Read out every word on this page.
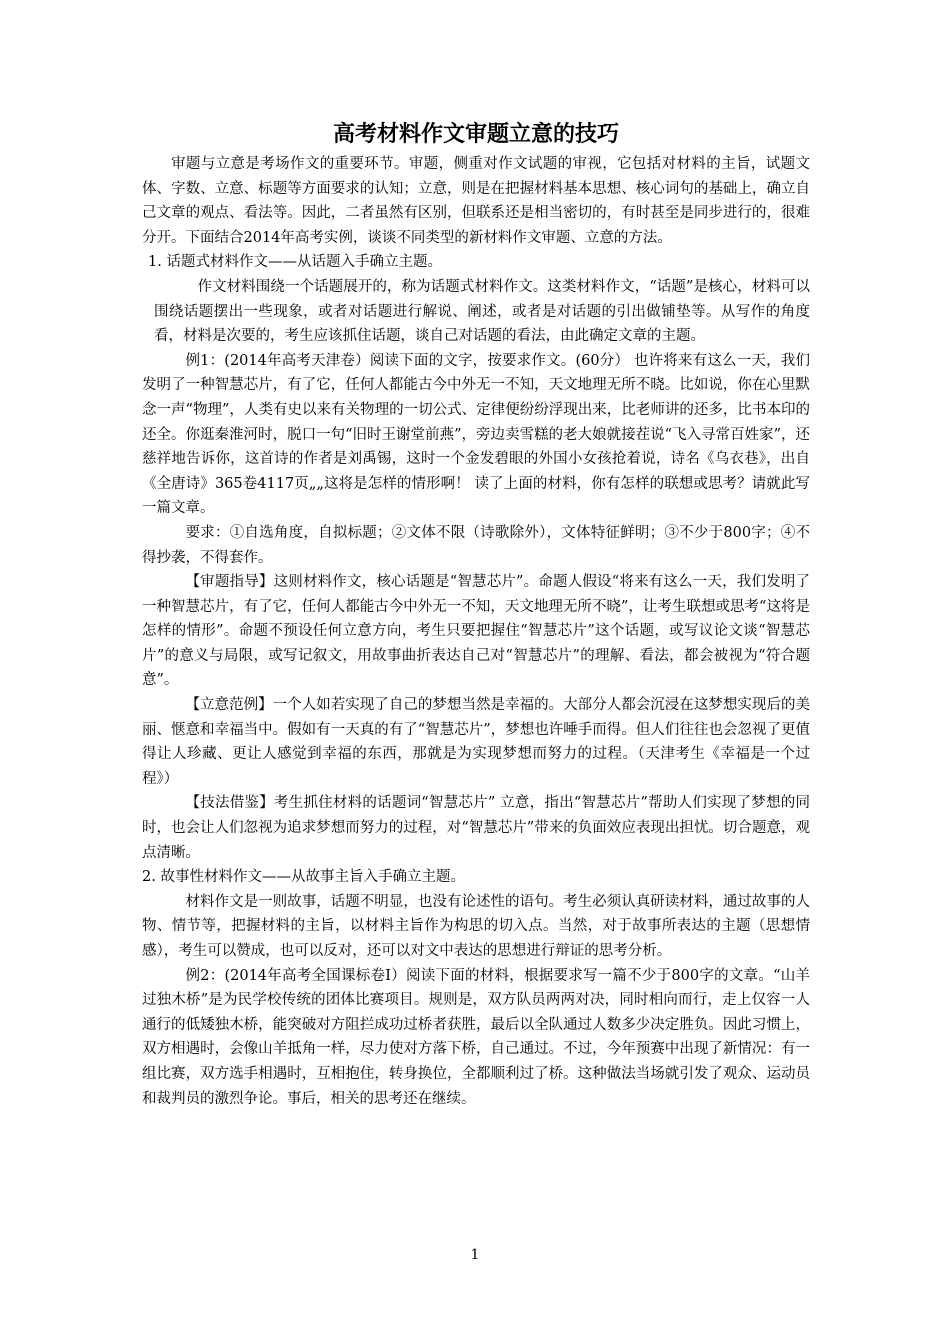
高考材料作文审题立意的技巧

审题与立意是考场作文的重要环节。审题，侧重对作文试题的审视，它包括对材料的主旨，试题文体、字数、立意、标题等方面要求的认知；立意，则是在把握材料基本思想、核心词句的基础上，确立自己文章的观点、看法等。因此，二者虽然有区别，但联系还是相当密切的，有时甚至是同步进行的，很难分开。下面结合2014年高考实例，谈谈不同类型的新材料作文审题、立意的方法。

1. 话题式材料作文——从话题入手确立主题。

作文材料围绕一个话题展开的，称为话题式材料作文。这类材料作文，“话题”是核心，材料可以围绕话题摆出一些现象，或者对话题进行解说、阐述，或者是对话题的引出做铺垫等。从写作的角度看，材料是次要的，考生应该抓住话题，谈自己对话题的看法，由此确定文章的主题。

例1：(2014年高考天津卷）阅读下面的文字，按要求作文。(60分） 也许将来有这么一天，我们发明了一种智慧芯片，有了它，任何人都能古今中外无一不知，天文地理无所不晓。比如说，你在心里默念一声“物理”，人类有史以来有关物理的一切公式、定律便纷纷浮现出来，比老师讲的还多，比书本印的还全。你逛秦淮河时，脱口一句“旧时王谢堂前燕”，旁边卖雪糕的老大娘就接茬说“飞入寻常百姓家”，还慈祥地告诉你，这首诗的作者是刘禹锡，这时一个金发碧眼的外国小女孩抢着说，诗名《乌衣巷》，出自《全唐诗》365卷4117页„„这将是怎样的情形啊！ 读了上面的材料，你有怎样的联想或思考？请就此写一篇文章。

要求：①自选角度，自拟标题；②文体不限（诗歌除外），文体特征鲜明；③不少于800字；④不得抄袭，不得套作。

【审题指导】这则材料作文，核心话题是“智慧芯片”。命题人假设“将来有这么一天，我们发明了一种智慧芯片，有了它，任何人都能古今中外无一不知，天文地理无所不晓”，让考生联想或思考“这将是怎样的情形”。命题不预设任何立意方向，考生只要把握住“智慧芯片”这个话题，或写议论文谈“智慧芯片”的意义与局限，或写记叙文，用故事曲折表达自己对“智慧芯片”的理解、看法，都会被视为“符合题意”。

【立意范例】一个人如若实现了自己的梦想当然是幸福的。大部分人都会沉浸在这梦想实现后的美丽、惬意和幸福当中。假如有一天真的有了“智慧芯片”，梦想也许唾手而得。但人们往往也会忽视了更值得让人珍藏、更让人感觉到幸福的东西，那就是为实现梦想而努力的过程。（天津考生《幸福是一个过程》）

【技法借鉴】考生抓住材料的话题词“智慧芯片” 立意，指出“智慧芯片”帮助人们实现了梦想的同时，也会让人们忽视为追求梦想而努力的过程，对“智慧芯片”带来的负面效应表现出担忧。切合题意，观点清晰。

2. 故事性材料作文——从故事主旨入手确立主题。

材料作文是一则故事，话题不明显，也没有论述性的语句。考生必须认真研读材料，通过故事的人物、情节等，把握材料的主旨，以材料主旨作为构思的切入点。当然，对于故事所表达的主题（思想情感），考生可以赞成，也可以反对，还可以对文中表达的思想进行辩证的思考分析。

例2：(2014年高考全国课标卷Ⅰ）阅读下面的材料，根据要求写一篇不少于800字的文章。“山羊过独木桥”是为民学校传统的团体比赛项目。规则是，双方队员两两对决，同时相向而行，走上仅容一人通行的低矮独木桥，能突破对方阻拦成功过桥者获胜，最后以全队通过人数多少决定胜负。因此习惯上，双方相遇时，会像山羊抵角一样，尽力使对方落下桥，自己通过。不过，今年预赛中出现了新情况：有一组比赛，双方选手相遇时，互相抱住，转身换位，全都顺利过了桥。这种做法当场就引发了观众、运动员和裁判员的激烈争论。事后，相关的思考还在继续。

1
